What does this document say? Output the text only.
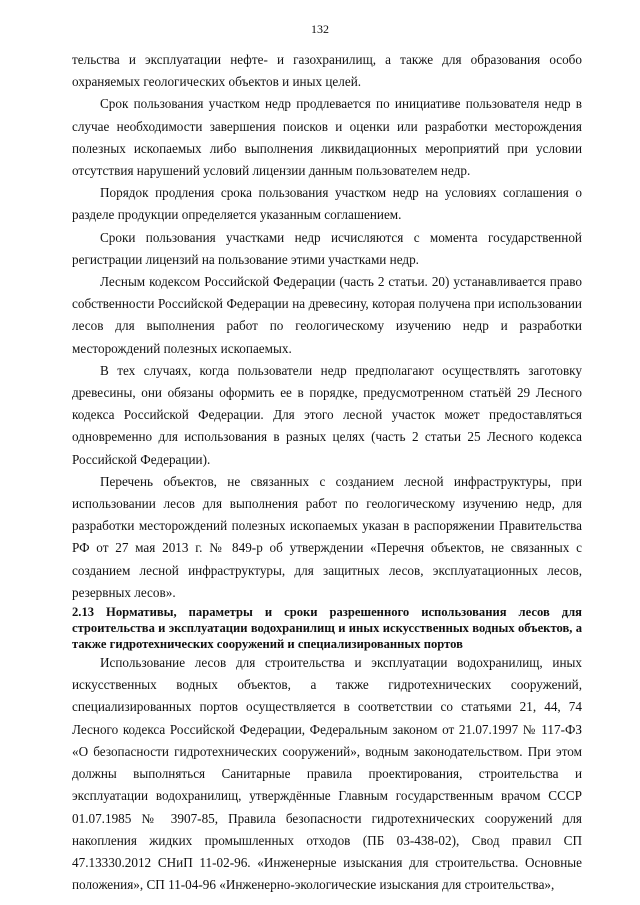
132

тельства и эксплуатации нефте- и газохранилищ, а также для образования особо охраняемых геологических объектов и иных целей.

Срок пользования участком недр продлевается по инициативе пользователя недр в случае необходимости завершения поисков и оценки или разработки месторождения полезных ископаемых либо выполнения ликвидационных мероприятий при условии отсутствия нарушений условий лицензии данным пользователем недр.

Порядок продления срока пользования участком недр на условиях соглашения о разделе продукции определяется указанным соглашением.

Сроки пользования участками недр исчисляются с момента государственной регистрации лицензий на пользование этими участками недр.

Лесным кодексом Российской Федерации (часть 2 статьи. 20) устанавливается право собственности Российской Федерации на древесину, которая получена при использовании лесов для выполнения работ по геологическому изучению недр и разработки месторождений полезных ископаемых.

В тех случаях, когда пользователи недр предполагают осуществлять заготовку древесины, они обязаны оформить ее в порядке, предусмотренном статьёй 29 Лесного кодекса Российской Федерации. Для этого лесной участок может предоставляться одновременно для использования в разных целях (часть 2 статьи 25 Лесного кодекса Российской Федерации).

Перечень объектов, не связанных с созданием лесной инфраструктуры, при использовании лесов для выполнения работ по геологическому изучению недр, для разработки месторождений полезных ископаемых указан в распоряжении Правительства РФ от 27 мая 2013 г. № 849-р об утверждении «Перечня объектов, не связанных с созданием лесной инфраструктуры, для защитных лесов, эксплуатационных лесов, резервных лесов».

2.13 Нормативы, параметры и сроки разрешенного использования лесов для строительства и эксплуатации водохранилищ и иных искусственных водных объектов, а также гидротехнических сооружений и специализированных портов

Использование лесов для строительства и эксплуатации водохранилищ, иных искусственных водных объектов, а также гидротехнических сооружений, специализированных портов осуществляется в соответствии со статьями 21, 44, 74 Лесного кодекса Российской Федерации, Федеральным законом от 21.07.1997 № 117-ФЗ «О безопасности гидротехнических сооружений», водным законодательством. При этом должны выполняться Санитарные правила проектирования, строительства и эксплуатации водохранилищ, утверждённые Главным государственным врачом СССР 01.07.1985 № 3907-85, Правила безопасности гидротехнических сооружений для накопления жидких промышленных отходов (ПБ 03-438-02), Свод правил СП 47.13330.2012 СНиП 11-02-96. «Инженерные изыскания для строительства. Основные положения», СП 11-04-96 «Инженерно-экологические изыскания для строительства»,
